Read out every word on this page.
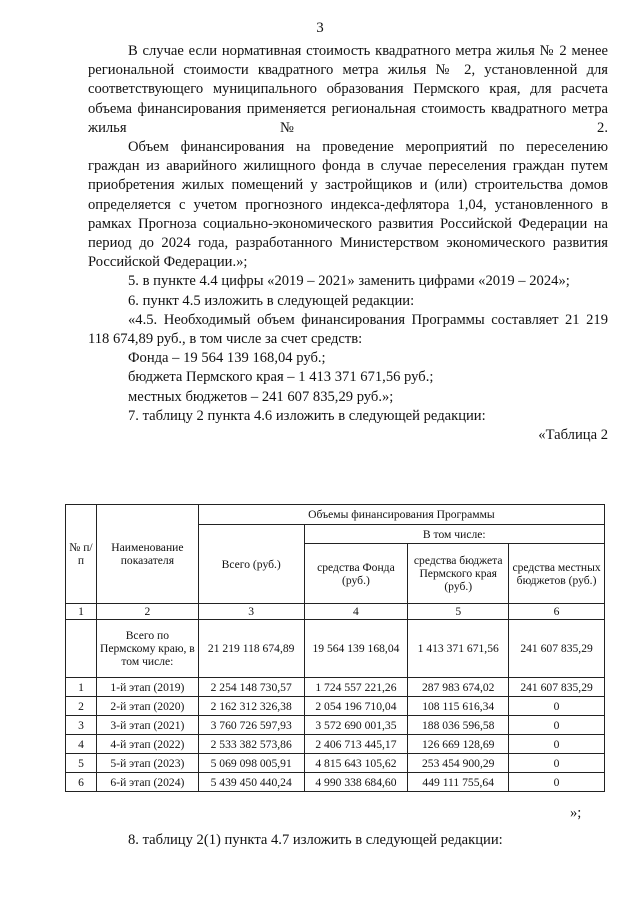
3

В случае если нормативная стоимость квадратного метра жилья № 2 менее региональной стоимости квадратного метра жилья № 2, установленной для соответствующего муниципального образования Пермского края, для расчета объема финансирования применяется региональная стоимость квадратного метра жилья № 2.

Объем финансирования на проведение мероприятий по переселению граждан из аварийного жилищного фонда в случае переселения граждан путем приобретения жилых помещений у застройщиков и (или) строительства домов определяется с учетом прогнозного индекса-дефлятора 1,04, установленного в рамках Прогноза социально-экономического развития Российской Федерации на период до 2024 года, разработанного Министерством экономического развития Российской Федерации.»;

5. в пункте 4.4 цифры «2019 – 2021» заменить цифрами «2019 – 2024»;

6. пункт 4.5 изложить в следующей редакции:

«4.5. Необходимый объем финансирования Программы составляет 21 219 118 674,89 руб., в том числе за счет средств:

Фонда – 19 564 139 168,04 руб.;

бюджета Пермского края – 1 413 371 671,56 руб.;

местных бюджетов – 241 607 835,29 руб.»;

7. таблицу 2 пункта 4.6 изложить в следующей редакции:

«Таблица 2

№ п/п	Наименование показателя	Объемы финансирования Программы			
		Всего (руб.)	В том числе:		
			средства Фонда (руб.)	средства бюджета Пермского края (руб.)	средства местных бюджетов (руб.)
1	2	3	4	5	6
	Всего по Пермскому краю, в том числе:	21 219 118 674,89	19 564 139 168,04	1 413 371 671,56	241 607 835,29
1	1-й этап (2019)	2 254 148 730,57	1 724 557 221,26	287 983 674,02	241 607 835,29
2	2-й этап (2020)	2 162 312 326,38	2 054 196 710,04	108 115 616,34	0
3	3-й этап (2021)	3 760 726 597,93	3 572 690 001,35	188 036 596,58	0
4	4-й этап (2022)	2 533 382 573,86	2 406 713 445,17	126 669 128,69	0
5	5-й этап (2023)	5 069 098 005,91	4 815 643 105,62	253 454 900,29	0
6	6-й этап (2024)	5 439 450 440,24	4 990 338 684,60	449 111 755,64	0
»;
8. таблицу 2(1) пункта 4.7 изложить в следующей редакции:
